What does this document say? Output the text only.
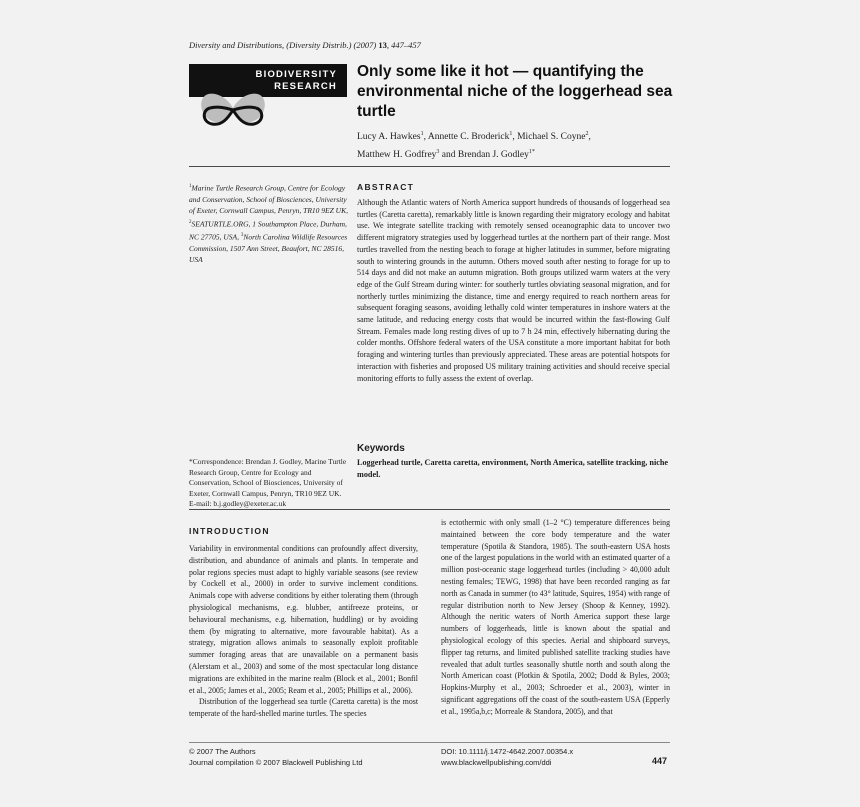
Diversity and Distributions, (Diversity Distrib.) (2007) 13, 447–457
BIODIVERSITY
RESEARCH
Only some like it hot — quantifying the environmental niche of the loggerhead sea turtle
Lucy A. Hawkes$^1$, Annette C. Broderick$^1$, Michael S. Coyne$^2$,
Matthew H. Godfrey$^3$ and Brendan J. Godley$^{1*}$
$^1$Marine Turtle Research Group, Centre for Ecology and Conservation, School of Biosciences, University of Exeter, Cornwall Campus, Penryn, TR10 9EZ UK, $^2$SEATURTLE.ORG, 1 Southampton Place, Durham, NC 27705, USA, $^3$North Carolina Wildlife Resources Commission, 1507 Ann Street, Beaufort, NC 28516, USA
*Correspondence: Brendan J. Godley, Marine Turtle Research Group, Centre for Ecology and Conservation, School of Biosciences, University of Exeter, Cornwall Campus, Penryn, TR10 9EZ UK. E-mail: b.j.godley@exeter.ac.uk
ABSTRACT
Although the Atlantic waters of North America support hundreds of thousands of loggerhead sea turtles (Caretta caretta), remarkably little is known regarding their migratory ecology and habitat use. We integrate satellite tracking with remotely sensed oceanographic data to uncover two different migratory strategies used by loggerhead turtles at the northern part of their range. Most turtles travelled from the nesting beach to forage at higher latitudes in summer, before migrating south to wintering grounds in the autumn. Others moved south after nesting to forage for up to 514 days and did not make an autumn migration. Both groups utilized warm waters at the very edge of the Gulf Stream during winter: for southerly turtles obviating seasonal migration, and for northerly turtles minimizing the distance, time and energy required to reach northern areas for subsequent foraging seasons, avoiding lethally cold winter temperatures in inshore waters at the same latitude, and reducing energy costs that would be incurred within the fast-flowing Gulf Stream. Females made long resting dives of up to 7 h 24 min, effectively hibernating during the colder months. Offshore federal waters of the USA constitute a more important habitat for both foraging and wintering turtles than previously appreciated. These areas are potential hotspots for interaction with fisheries and proposed US military training activities and should receive special monitoring efforts to fully assess the extent of overlap.
Keywords
Loggerhead turtle, Caretta caretta, environment, North America, satellite tracking, niche model.
INTRODUCTION
Variability in environmental conditions can profoundly affect diversity, distribution, and abundance of animals and plants. In temperate and polar regions species must adapt to highly variable seasons (see review by Cockell et al., 2000) in order to survive inclement conditions. Animals cope with adverse conditions by either tolerating them (through physiological mechanisms, e.g. blubber, antifreeze proteins, or behavioural mechanisms, e.g. hibernation, huddling) or by avoiding them (by migrating to alternative, more favourable habitat). As a strategy, migration allows animals to seasonally exploit profitable summer foraging areas that are unavailable on a permanent basis (Alerstam et al., 2003) and some of the most spectacular long distance migrations are exhibited in the marine realm (Block et al., 2001; Bonfil et al., 2005; James et al., 2005; Ream et al., 2005; Phillips et al., 2006).
Distribution of the loggerhead sea turtle (Caretta caretta) is the most temperate of the hard-shelled marine turtles. The species
is ectothermic with only small (1–2 °C) temperature differences being maintained between the core body temperature and the water temperature (Spotila & Standora, 1985). The south-eastern USA hosts one of the largest populations in the world with an estimated quarter of a million post-oceanic stage loggerhead turtles (including > 40,000 adult nesting females; TEWG, 1998) that have been recorded ranging as far north as Canada in summer (to 43° latitude, Squires, 1954) with range of regular distribution north to New Jersey (Shoop & Kenney, 1992). Although the neritic waters of North America support these large numbers of loggerheads, little is known about the spatial and physiological ecology of this species. Aerial and shipboard surveys, flipper tag returns, and limited published satellite tracking studies have revealed that adult turtles seasonally shuttle north and south along the North American coast (Plotkin & Spotila, 2002; Dodd & Byles, 2003; Hopkins-Murphy et al., 2003; Schroeder et al., 2003), winter in significant aggregations off the coast of the south-eastern USA (Epperly et al., 1995a,b,c; Morreale & Standora, 2005), and that
© 2007 The Authors
Journal compilation © 2007 Blackwell Publishing Ltd
DOI: 10.1111/j.1472-4642.2007.00354.x
www.blackwellpublishing.com/ddi	447
